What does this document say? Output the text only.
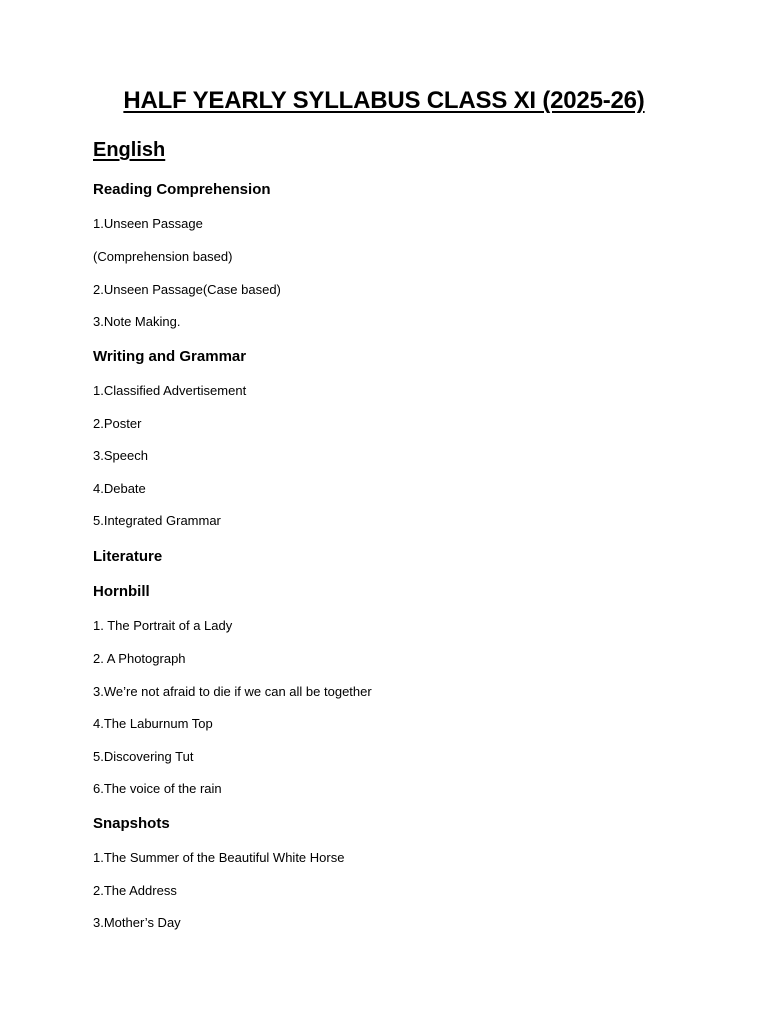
HALF YEARLY SYLLABUS CLASS XI (2025-26)
English
Reading Comprehension
1.Unseen Passage
(Comprehension based)
2.Unseen Passage(Case based)
3.Note Making.
Writing and Grammar
1.Classified Advertisement
2.Poster
3.Speech
4.Debate
5.Integrated Grammar
Literature
Hornbill
1. The Portrait of a Lady
2. A Photograph
3.We’re not afraid to die if we can all be together
4.The Laburnum Top
5.Discovering Tut
6.The voice of the rain
Snapshots
1.The Summer of the Beautiful White Horse
2.The Address
3.Mother’s Day
